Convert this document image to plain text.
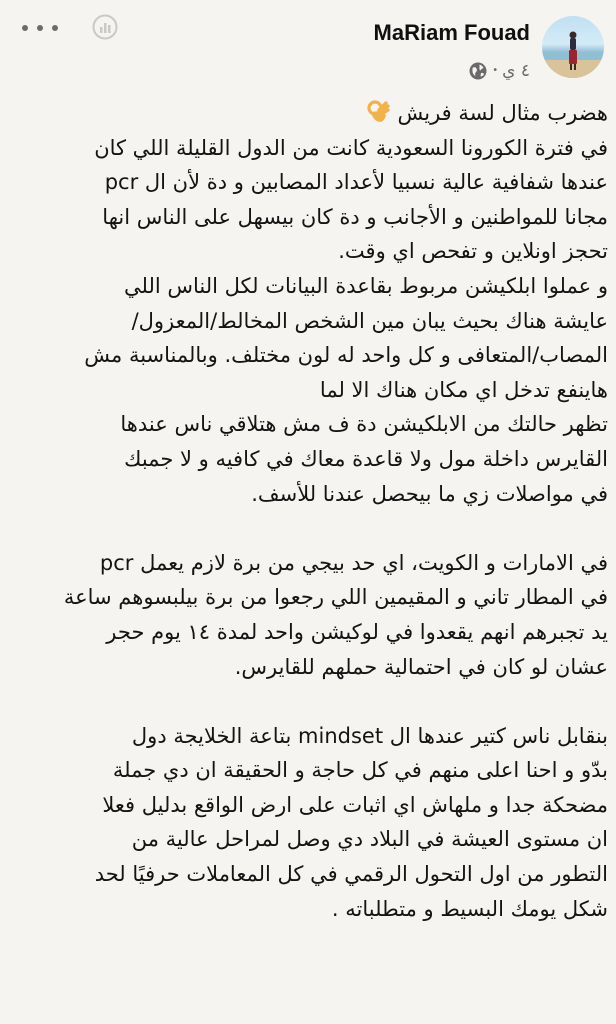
MaRiam Fouad
٤ ي
•
هضرب مثال لسة فريش
في فترة الكورونا السعودية كانت من الدول القليلة اللي كان
عندها شفافية عالية نسبيا لأعداد المصابين و دة لأن ال pcr
مجانا للمواطنين و الأجانب و دة كان بيسهل على الناس انها
تحجز اونلاين و تفحص اي وقت.
و عملوا ابلكيشن مربوط بقاعدة البيانات لكل الناس اللي
عايشة هناك بحيث يبان مين الشخص المخالط/المعزول/
المصاب/المتعافى و كل واحد له لون مختلف. وبالمناسبة مش
هاينفع تدخل اي مكان هناك الا لما
تظهر حالتك من الابلكيشن دة ف مش هتلاقي ناس عندها
القايرس داخلة مول ولا قاعدة معاك في كافيه و لا جمبك
في مواصلات زي ما بيحصل عندنا للأسف.
في الامارات و الكويت، اي حد بيجي من برة لازم يعمل pcr
في المطار تاني و المقيمين اللي رجعوا من برة بيلبسوهم ساعة
يد تجبرهم انهم يقعدوا في لوكيشن واحد لمدة ١٤ يوم حجر
عشان لو كان في احتمالية حملهم للقايرس.
بنقابل ناس كتير عندها ال mindset بتاعة الخلايجة دول
بدّو و احنا اعلى منهم في كل حاجة و الحقيقة ان دي جملة
مضحكة جدا و ملهاش اي اثبات على ارض الواقع بدليل فعلا
ان مستوى العيشة في البلاد دي وصل لمراحل عالية من
التطور من اول التحول الرقمي في كل المعاملات حرفيًا لحد
شكل يومك البسيط و متطلباته .
